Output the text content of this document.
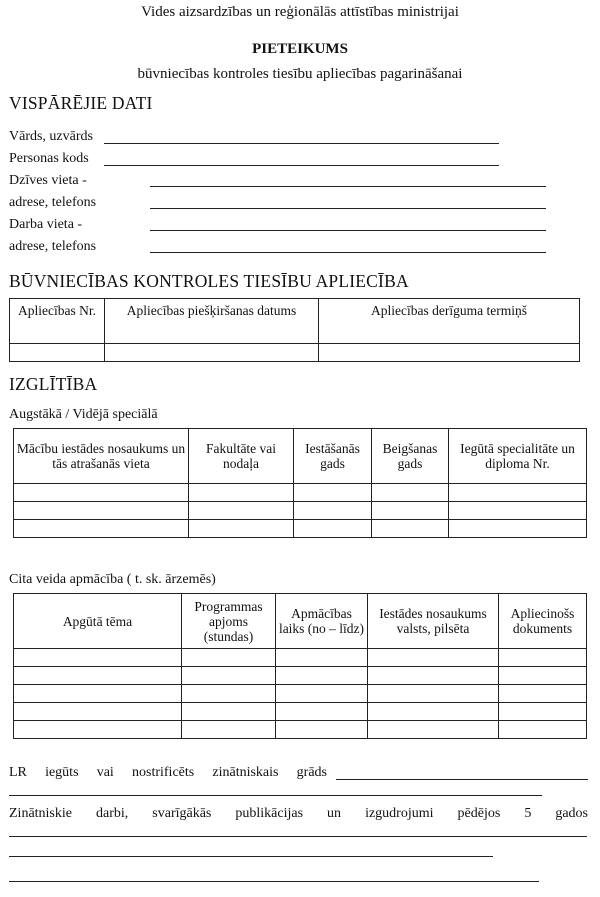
Vides aizsardzības un reģionālās attīstības ministrijai
PIETEIKUMS
būvniecības kontroles tiesību apliecības pagarināšanai
VISPĀRĒJIE DATI
Vārds, uzvārds
Personas kods
Dzīves vieta -
adrese, telefons
Darba vieta -
adrese, telefons
BŪVNIECĪBAS KONTROLES TIESĪBU APLIECĪBA
Apliecības Nr.	Apliecības piešķiršanas datums	Apliecības derīguma termiņš

IZGLĪTĪBA
Augstākā / Vidējā speciālā
Mācību iestādes nosaukums un tās atrašanās vieta	Fakultāte vai nodaļa	Iestāšanās gads	Beigšanas gads	Iegūtā specialitāte un diploma Nr.

Cita veida apmācība ( t. sk. ārzemēs)
Apgūtā tēma	Programmas apjoms (stundas)	Apmācības laiks (no – līdz)	Iestādes nosaukums valsts, pilsēta	Apliecinošs dokuments

LR iegūts vai nostrificēts zinātniskais grāds
Zinātniskie darbi, svarīgākās publikācijas un izgudrojumi pēdējos 5 gados
